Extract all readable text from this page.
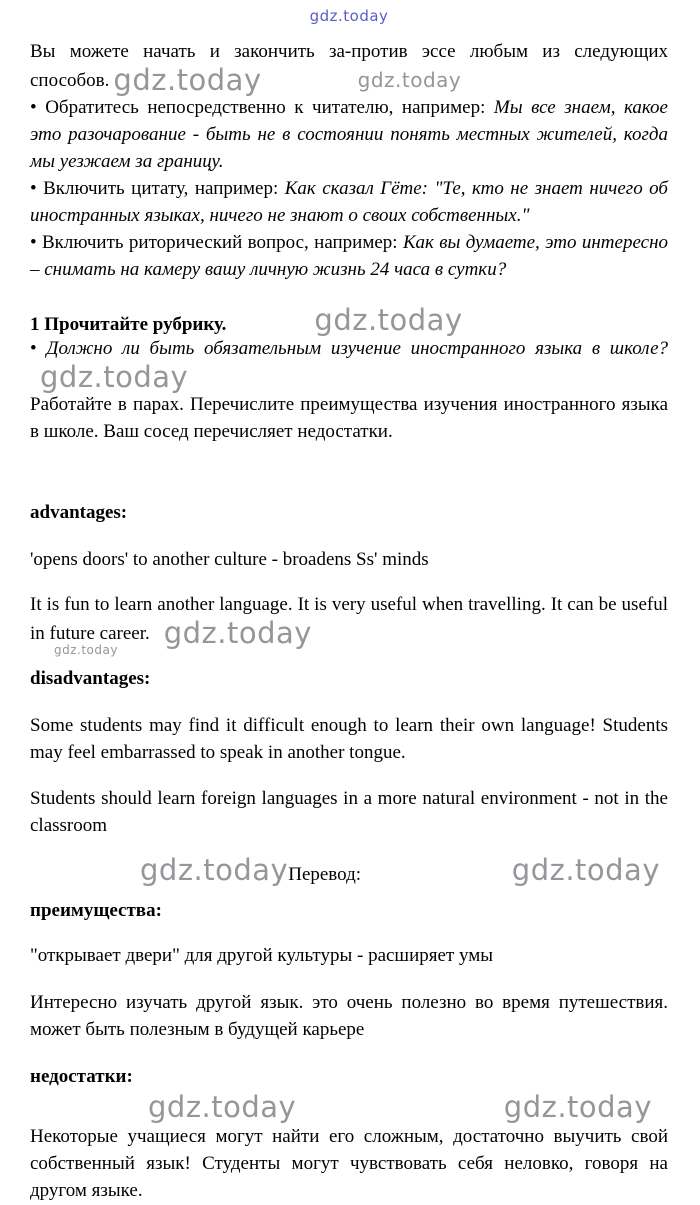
gdz.today

Вы можете начать и закончить за-против эссе любым из следующих способов. gdz.today	gdz.today

• Обратитесь непосредственно к читателю, например: Мы все знаем, какое это разочарование - быть не в состоянии понять местных жителей, когда мы уезжаем за границу.

• Включить цитату, например: Как сказал Гёте: "Те, кто не знает ничего об иностранных языках, ничего не знают о своих собственных."

• Включить риторический вопрос, например: Как вы думаете, это интересно – снимать на камеру вашу личную жизнь 24 часа в сутки?

1 Прочитайте рубрику.	gdz.today

• Должно ли быть обязательным изучение иностранного языка в школе?gdz.today

Работайте в парах. Перечислите преимущества изучения иностранного языка в школе. Ваш сосед перечисляет недостатки.

advantages:

'opens doors' to another culture - broadens Ss' minds

It is fun to learn another language. It is very useful when travelling. It can be useful in future career. gdz.today

gdz.today

disadvantages:

Some students may find it difficult enough to learn their own language! Students may feel embarrassed to speak in another tongue.

Students should learn foreign languages in a more natural environment - not in the classroom

gdz.today Перевод:	gdz.today

преимущества:

"открывает двери" для другой культуры - расширяет умы

Интересно изучать другой язык. это очень полезно во время путешествия. может быть полезным в будущей карьере

недостатки:

gdz.today	gdz.today

Некоторые учащиеся могут найти его сложным, достаточно выучить свой собственный язык! Студенты могут чувствовать себя неловко, говоря на другом языке.
